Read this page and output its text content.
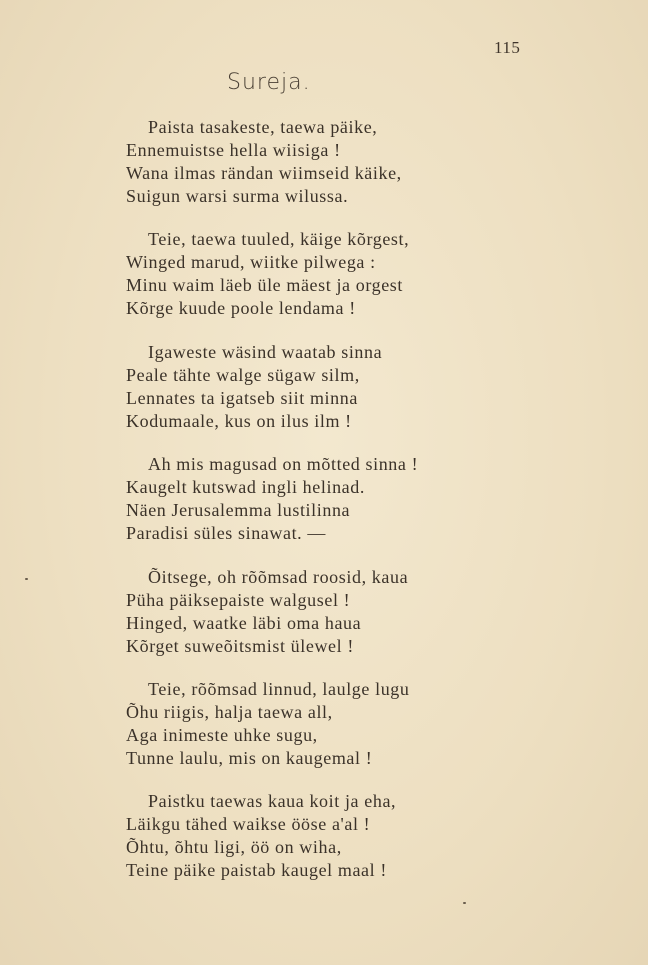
115
Sureja.
Paista tasakeste, taewa päike,
Ennemuistse hella wiisiga !
Wana ilmas rändan wiimseid käike,
Suigun warsi surma wilussa.
Teie, taewa tuuled, käige kõrgest,
Winged marud, wiitke pilwega :
Minu waim läeb üle mäest ja orgest
Kõrge kuude poole lendama !
Igaweste wäsind waatab sinna
Peale tähte walge sügaw silm,
Lennates ta igatseb siit minna
Kodumaale, kus on ilus ilm !
Ah mis magusad on mõtted sinna !
Kaugelt kutswad ingli helinad.
Näen Jerusalemma lustilinna
Paradisi süles sinawat. —
Õitsege, oh rõõmsad roosid, kaua
Püha päiksepaiste walgusel !
Hinged, waatke läbi oma haua
Kõrget suweõitsmist ülewel !
Teie, rõõmsad linnud, laulge lugu
Õhu riigis, halja taewa all,
Aga inimeste uhke sugu,
Tunne laulu, mis on kaugemal !
Paistku taewas kaua koit ja eha,
Läikgu tähed waikse öösе a'al !
Õhtu, õhtu ligi, öö on wiha,
Teine päike paistab kaugel maal !
